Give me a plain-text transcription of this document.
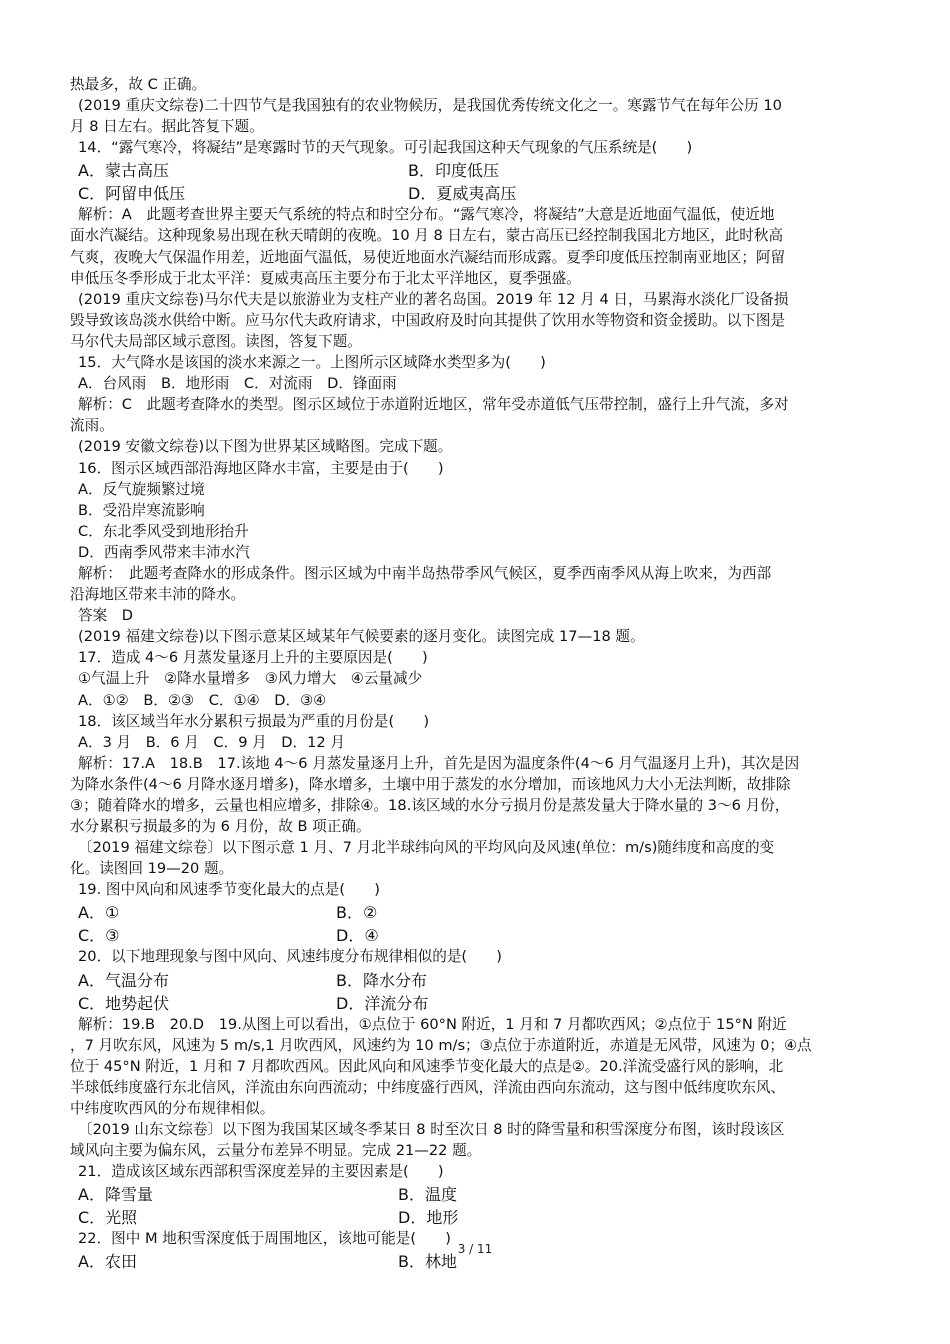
热最多，故 C 正确。
(2019 重庆文综卷)二十四节气是我国独有的农业物候历，是我国优秀传统文化之一。寒露节气在每年公历 10
月 8 日左右。据此答复下题。
14．“露气寒冷，将凝结”是寒露时节的天气现象。可引起我国这种天气现象的气压系统是(　　)
A．蒙古高压	B．印度低压
C．阿留申低压	D．夏威夷高压
解析：A　此题考查世界主要天气系统的特点和时空分布。“露气寒冷，将凝结”大意是近地面气温低，使近地
面水汽凝结。这种现象易出现在秋天晴朗的夜晚。10 月 8 日左右，蒙古高压已经控制我国北方地区，此时秋高
气爽，夜晚大气保温作用差，近地面气温低，易使近地面水汽凝结而形成露。夏季印度低压控制南亚地区；阿留
申低压冬季形成于北太平洋：夏威夷高压主要分布于北太平洋地区，夏季强盛。
(2019 重庆文综卷)马尔代夫是以旅游业为支柱产业的著名岛国。2019 年 12 月 4 日，马累海水淡化厂设备损
毁导致该岛淡水供给中断。应马尔代夫政府请求，中国政府及时向其提供了饮用水等物资和资金援助。以下图是
马尔代夫局部区域示意图。读图，答复下题。
15．大气降水是该国的淡水来源之一。上图所示区域降水类型多为(　　)
A．台风雨　B．地形雨　C．对流雨　D．锋面雨
解析：C　此题考查降水的类型。图示区域位于赤道附近地区，常年受赤道低气压带控制，盛行上升气流，多对
流雨。
(2019 安徽文综卷)以下图为世界某区域略图。完成下题。
16．图示区域西部沿海地区降水丰富，主要是由于(　　)
A．反气旋频繁过境
B．受沿岸寒流影响
C．东北季风受到地形抬升
D．西南季风带来丰沛水汽
解析：　此题考查降水的形成条件。图示区域为中南半岛热带季风气候区，夏季西南季风从海上吹来，为西部
沿海地区带来丰沛的降水。
答案　D
(2019 福建文综卷)以下图示意某区域某年气候要素的逐月变化。读图完成 17—18 题。
17．造成 4～6 月蒸发量逐月上升的主要原因是(　　)
①气温上升　②降水量增多　③风力增大　④云量减少
A．①②　B．②③　C．①④　D．③④
18．该区域当年水分累积亏损最为严重的月份是(　　)
A．3 月　B．6 月　C．9 月　D．12 月
解析：17.A　18.B　17.该地 4～6 月蒸发量逐月上升，首先是因为温度条件(4～6 月气温逐月上升)，其次是因
为降水条件(4～6 月降水逐月增多)，降水增多，土壤中用于蒸发的水分增加，而该地风力大小无法判断，故排除
③；随着降水的增多，云量也相应增多，排除④。18.该区域的水分亏损月份是蒸发量大于降水量的 3～6 月份，
水分累积亏损最多的为 6 月份，故 B 项正确。
〔2019 福建文综卷〕以下图示意 1 月、7 月北半球纬向风的平均风向及风速(单位：m/s)随纬度和高度的变
化。读图回 19—20 题。
19. 图中风向和风速季节变化最大的点是(　　)
A．①	B．②
C．③	D．④
20．以下地理现象与图中风向、风速纬度分布规律相似的是(　　)
A．气温分布	B．降水分布
C．地势起伏	D．洋流分布
解析：19.B　20.D　19.从图上可以看出，①点位于 60°N 附近，1 月和 7 月都吹西风；②点位于 15°N 附近
，7 月吹东风，风速为 5 m/s,1 月吹西风，风速约为 10 m/s；③点位于赤道附近，赤道是无风带，风速为 0；④点
位于 45°N 附近，1 月和 7 月都吹西风。因此风向和风速季节变化最大的点是②。20.洋流受盛行风的影响，北
半球低纬度盛行东北信风，洋流由东向西流动；中纬度盛行西风，洋流由西向东流动，这与图中低纬度吹东风、
中纬度吹西风的分布规律相似。
〔2019 山东文综卷〕以下图为我国某区域冬季某日 8 时至次日 8 时的降雪量和积雪深度分布图，该时段该区
域风向主要为偏东风，云量分布差异不明显。完成 21—22 题。
21．造成该区域东西部积雪深度差异的主要因素是(　　)
A．降雪量	B．温度
C．光照	D．地形
22．图中 M 地积雪深度低于周围地区，该地可能是(　　)
A．农田	B．林地
3 / 11
